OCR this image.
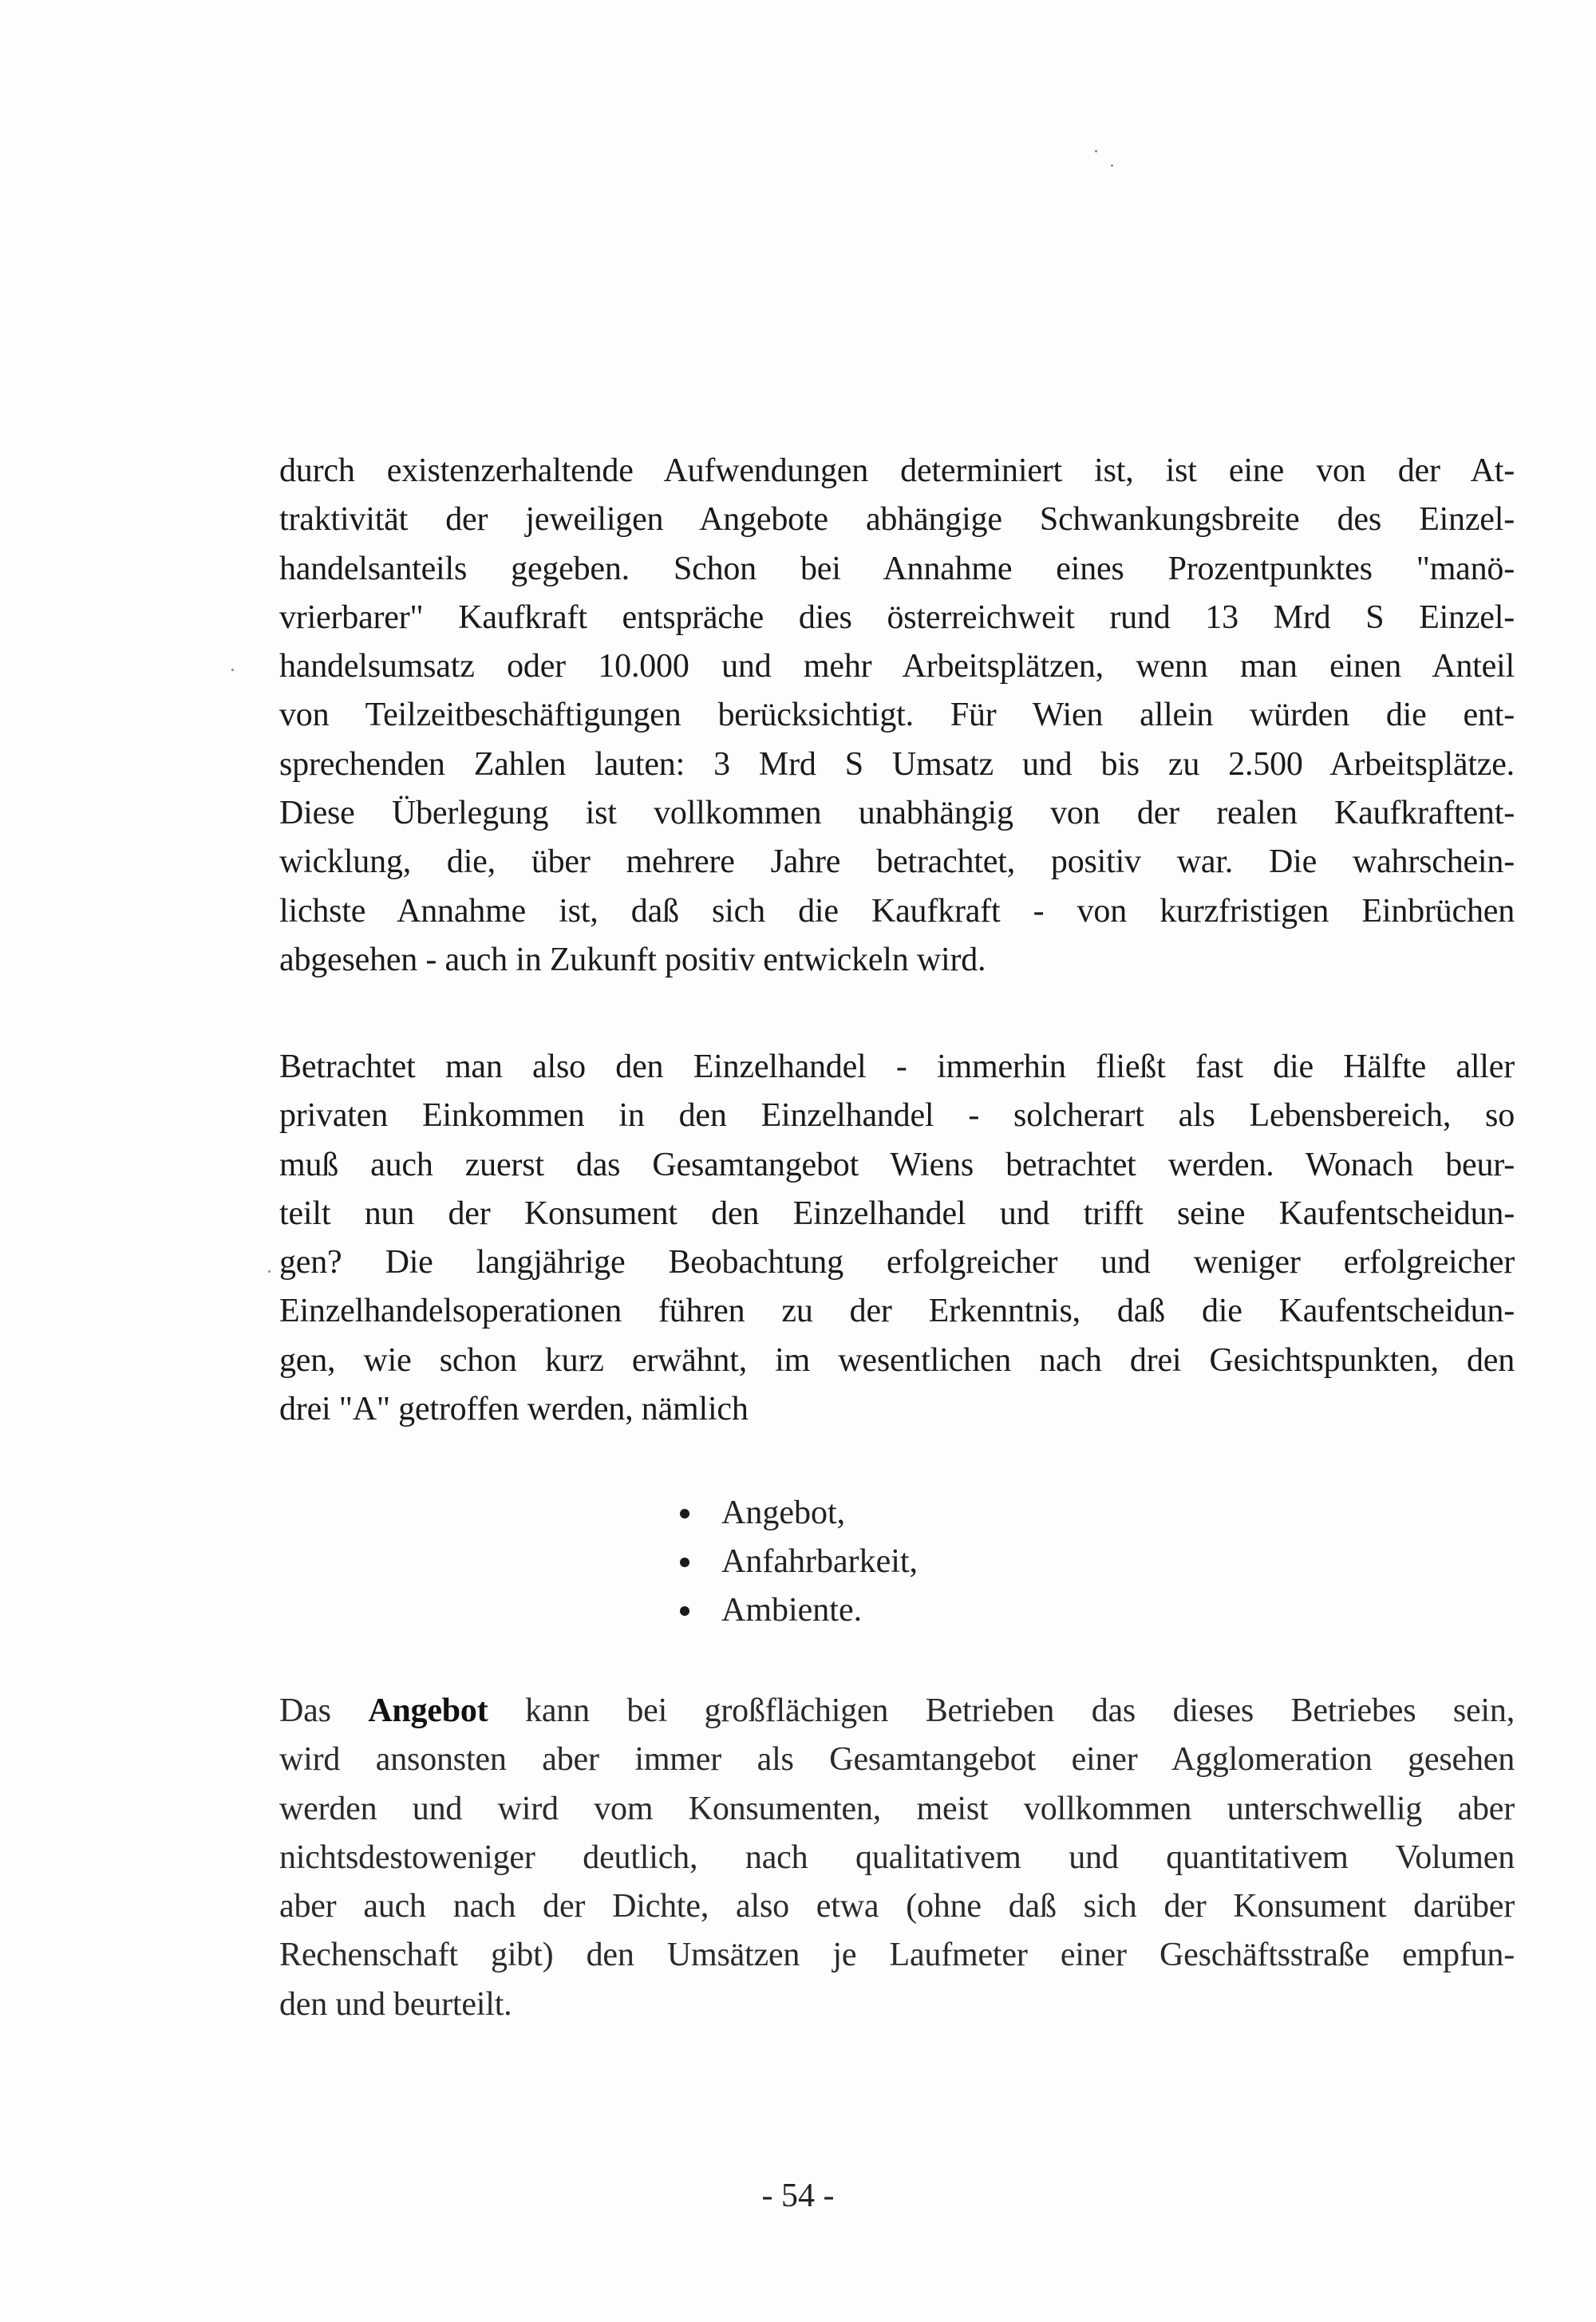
durch existenzerhaltende Aufwendungen determiniert ist, ist eine von der At-
traktivität der jeweiligen Angebote abhängige Schwankungsbreite des Einzel-
handelsanteils gegeben. Schon bei Annahme eines Prozentpunktes "manö-
vrierbarer" Kaufkraft entspräche dies österreichweit rund 13 Mrd S Einzel-
handelsumsatz oder 10.000 und mehr Arbeitsplätzen, wenn man einen Anteil
von Teilzeitbeschäftigungen berücksichtigt. Für Wien allein würden die ent-
sprechenden Zahlen lauten: 3 Mrd S Umsatz und bis zu 2.500 Arbeitsplätze.
Diese Überlegung ist vollkommen unabhängig von der realen Kaufkraftent-
wicklung, die, über mehrere Jahre betrachtet, positiv war. Die wahrschein-
lichste Annahme ist, daß sich die Kaufkraft - von kurzfristigen Einbrüchen
abgesehen - auch in Zukunft positiv entwickeln wird.
Betrachtet man also den Einzelhandel - immerhin fließt fast die Hälfte aller
privaten Einkommen in den Einzelhandel - solcherart als Lebensbereich, so
muß auch zuerst das Gesamtangebot Wiens betrachtet werden. Wonach beur-
teilt nun der Konsument den Einzelhandel und trifft seine Kaufentscheidun-
gen? Die langjährige Beobachtung erfolgreicher und weniger erfolgreicher
Einzelhandelsoperationen führen zu der Erkenntnis, daß die Kaufentscheidun-
gen, wie schon kurz erwähnt, im wesentlichen nach drei Gesichtspunkten, den
drei "A" getroffen werden, nämlich
Angebot,
Anfahrbarkeit,
Ambiente.
Das Angebot kann bei großflächigen Betrieben das dieses Betriebes sein,
wird ansonsten aber immer als Gesamtangebot einer Agglomeration gesehen
werden und wird vom Konsumenten, meist vollkommen unterschwellig aber
nichtsdestoweniger deutlich, nach qualitativem und quantitativem Volumen
aber auch nach der Dichte, also etwa (ohne daß sich der Konsument darüber
Rechenschaft gibt) den Umsätzen je Laufmeter einer Geschäftsstraße empfun-
den und beurteilt.
- 54 -
